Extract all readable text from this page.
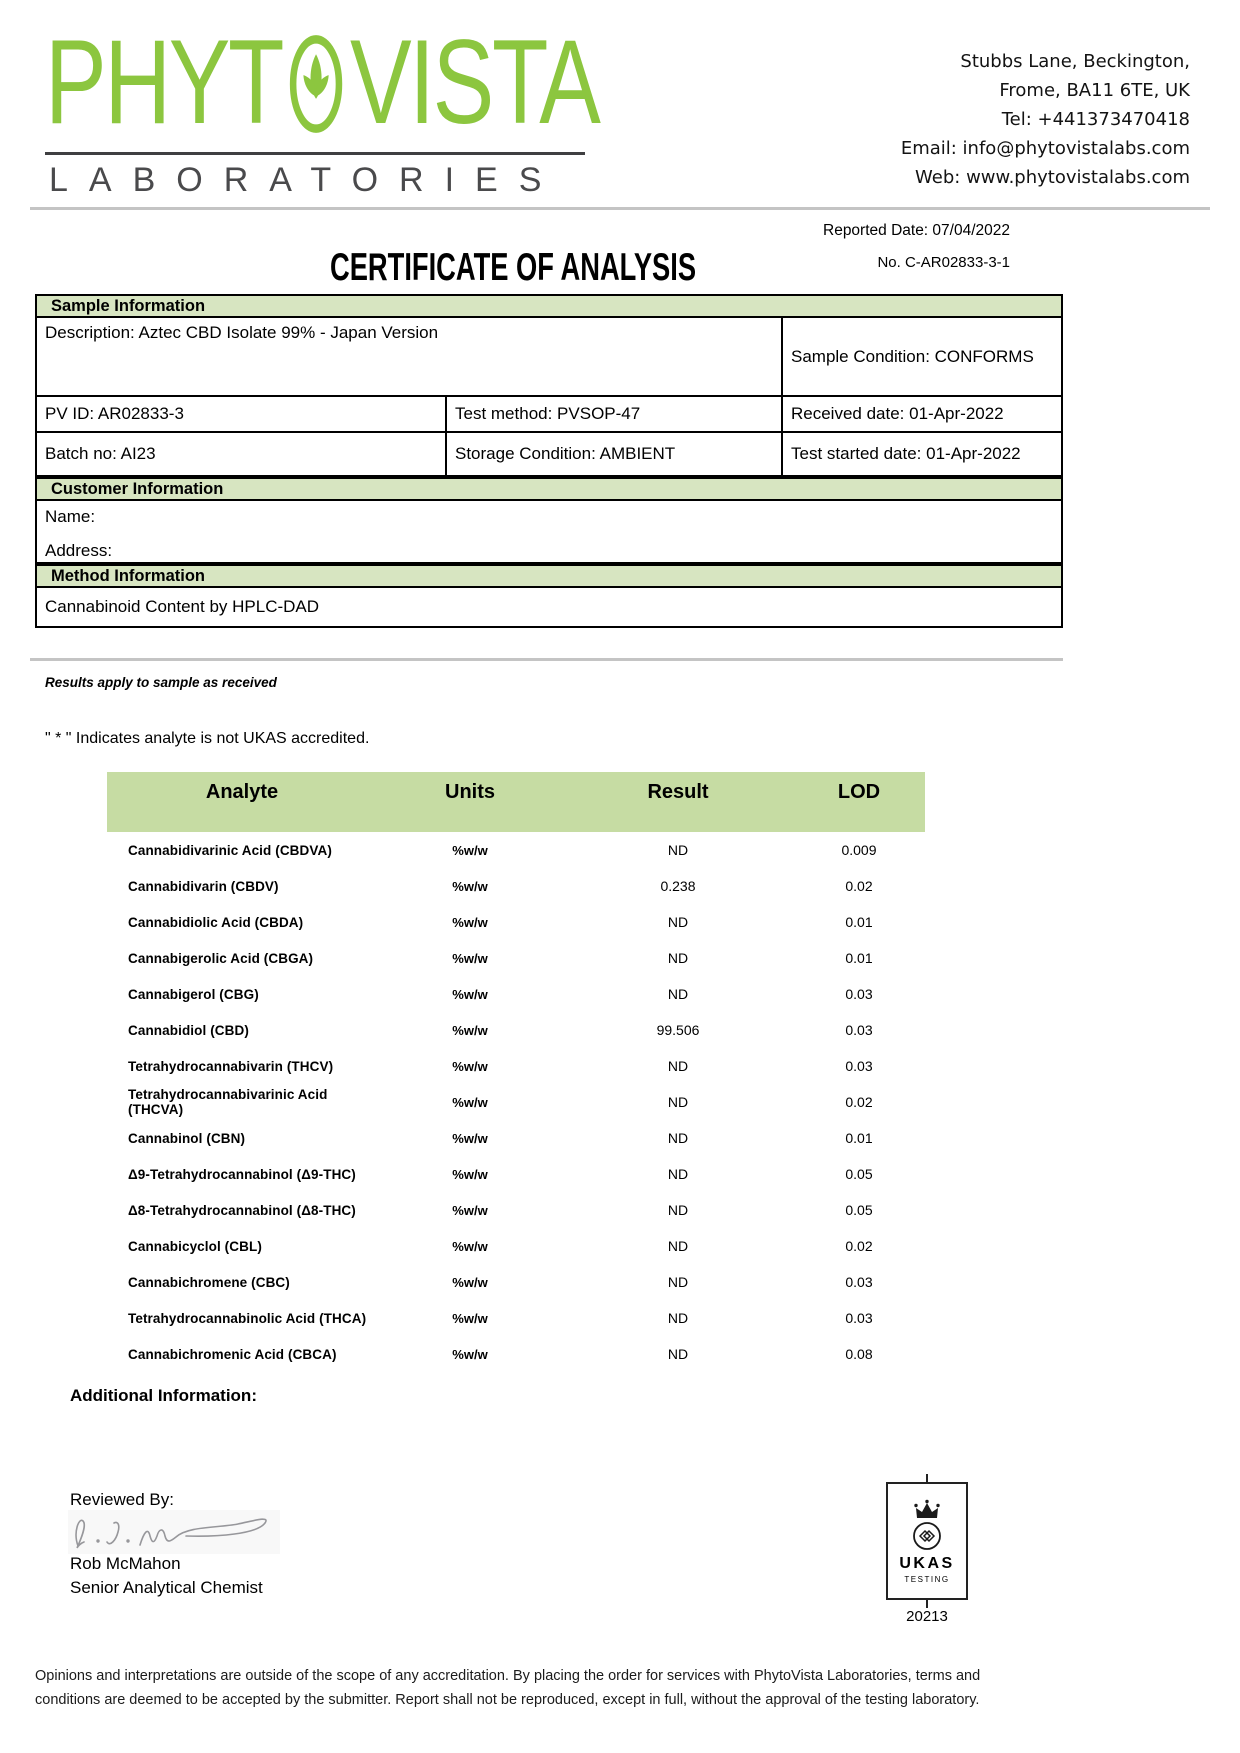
PHYT VISTA
LABORATORIES
Stubbs Lane, Beckington,
Frome, BA11 6TE, UK
Tel: +441373470418
Email: info@phytovistalabs.com
Web: www.phytovistalabs.com
Reported Date: 07/04/2022
CERTIFICATE OF ANALYSIS	No. C-AR02833-3-1
Sample Information
Description: Aztec CBD Isolate 99% - Japan Version
Sample Condition: CONFORMS
PV ID: AR02833-3	Test method: PVSOP-47	Received date: 01-Apr-2022
Batch no: AI23	Storage Condition: AMBIENT	Test started date: 01-Apr-2022
Customer Information
Name:
Address:
Method Information
Cannabinoid Content by HPLC-DAD
Results apply to sample as received
" * " Indicates analyte is not UKAS accredited.
Analyte	Units	Result	LOD
Cannabidivarinic Acid (CBDVA)	%w/w	ND	0.009
Cannabidivarin (CBDV)	%w/w	0.238	0.02
Cannabidiolic Acid (CBDA)	%w/w	ND	0.01
Cannabigerolic Acid (CBGA)	%w/w	ND	0.01
Cannabigerol (CBG)	%w/w	ND	0.03
Cannabidiol (CBD)	%w/w	99.506	0.03
Tetrahydrocannabivarin (THCV)	%w/w	ND	0.03
Tetrahydrocannabivarinic Acid (THCVA)	%w/w	ND	0.02
Cannabinol (CBN)	%w/w	ND	0.01
Δ9-Tetrahydrocannabinol (Δ9-THC)	%w/w	ND	0.05
Δ8-Tetrahydrocannabinol (Δ8-THC)	%w/w	ND	0.05
Cannabicyclol (CBL)	%w/w	ND	0.02
Cannabichromene (CBC)	%w/w	ND	0.03
Tetrahydrocannabinolic Acid (THCA)	%w/w	ND	0.03
Cannabichromenic Acid (CBCA)	%w/w	ND	0.08
Additional Information:
Reviewed By:
Rob McMahon
Senior Analytical Chemist
UKAS
TESTING
20213

Opinions and interpretations are outside of the scope of any accreditation. By placing the order for services with PhytoVista Laboratories, terms and conditions are deemed to be accepted by the submitter. Report shall not be reproduced, except in full, without the approval of the testing laboratory.
